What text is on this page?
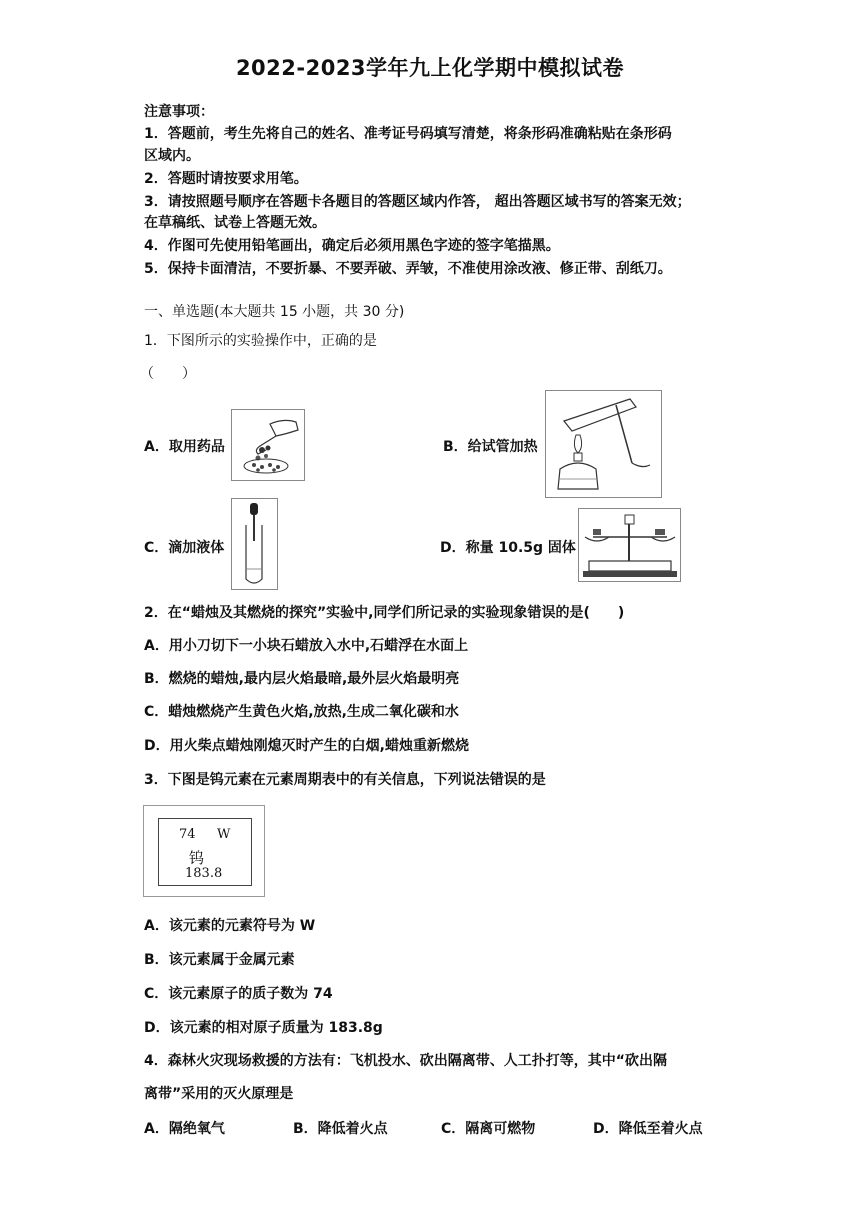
2022-2023学年九上化学期中模拟试卷
注意事项：
1．答题前，考生先将自己的姓名、准考证号码填写清楚，将条形码准确粘贴在条形码
区域内。
2．答题时请按要求用笔。
3．请按照题号顺序在答题卡各题目的答题区域内作答， 超出答题区域书写的答案无效；
在草稿纸、试卷上答题无效。
4．作图可先使用铅笔画出，确定后必须用黑色字迹的签字笔描黑。
5．保持卡面清洁，不要折暴、不要弄破、弄皱，不准使用涂改液、修正带、刮纸刀。
一、单选题(本大题共 15 小题，共 30 分)
1．下图所示的实验操作中，正确的是
（　　）
A．取用药品	B．给试管加热
C．滴加液体	D．称量 10.5g 固体
2．在“蜡烛及其燃烧的探究”实验中,同学们所记录的实验现象错误的是(　　)
A．用小刀切下一小块石蜡放入水中,石蜡浮在水面上
B．燃烧的蜡烛,最内层火焰最暗,最外层火焰最明亮
C．蜡烛燃烧产生黄色火焰,放热,生成二氧化碳和水
D．用火柴点蜡烛刚熄灭时产生的白烟,蜡烛重新燃烧
3．下图是钨元素在元素周期表中的有关信息，下列说法错误的是
74 W
钨
183.8
A．该元素的元素符号为 W
B．该元素属于金属元素
C．该元素原子的质子数为 74
D．该元素的相对原子质量为 183.8g
4．森林火灾现场救援的方法有：飞机投水、砍出隔离带、人工扑打等，其中“砍出隔
离带”采用的灭火原理是
A．隔绝氧气	B．降低着火点	C．隔离可燃物	D．降低至着火点
